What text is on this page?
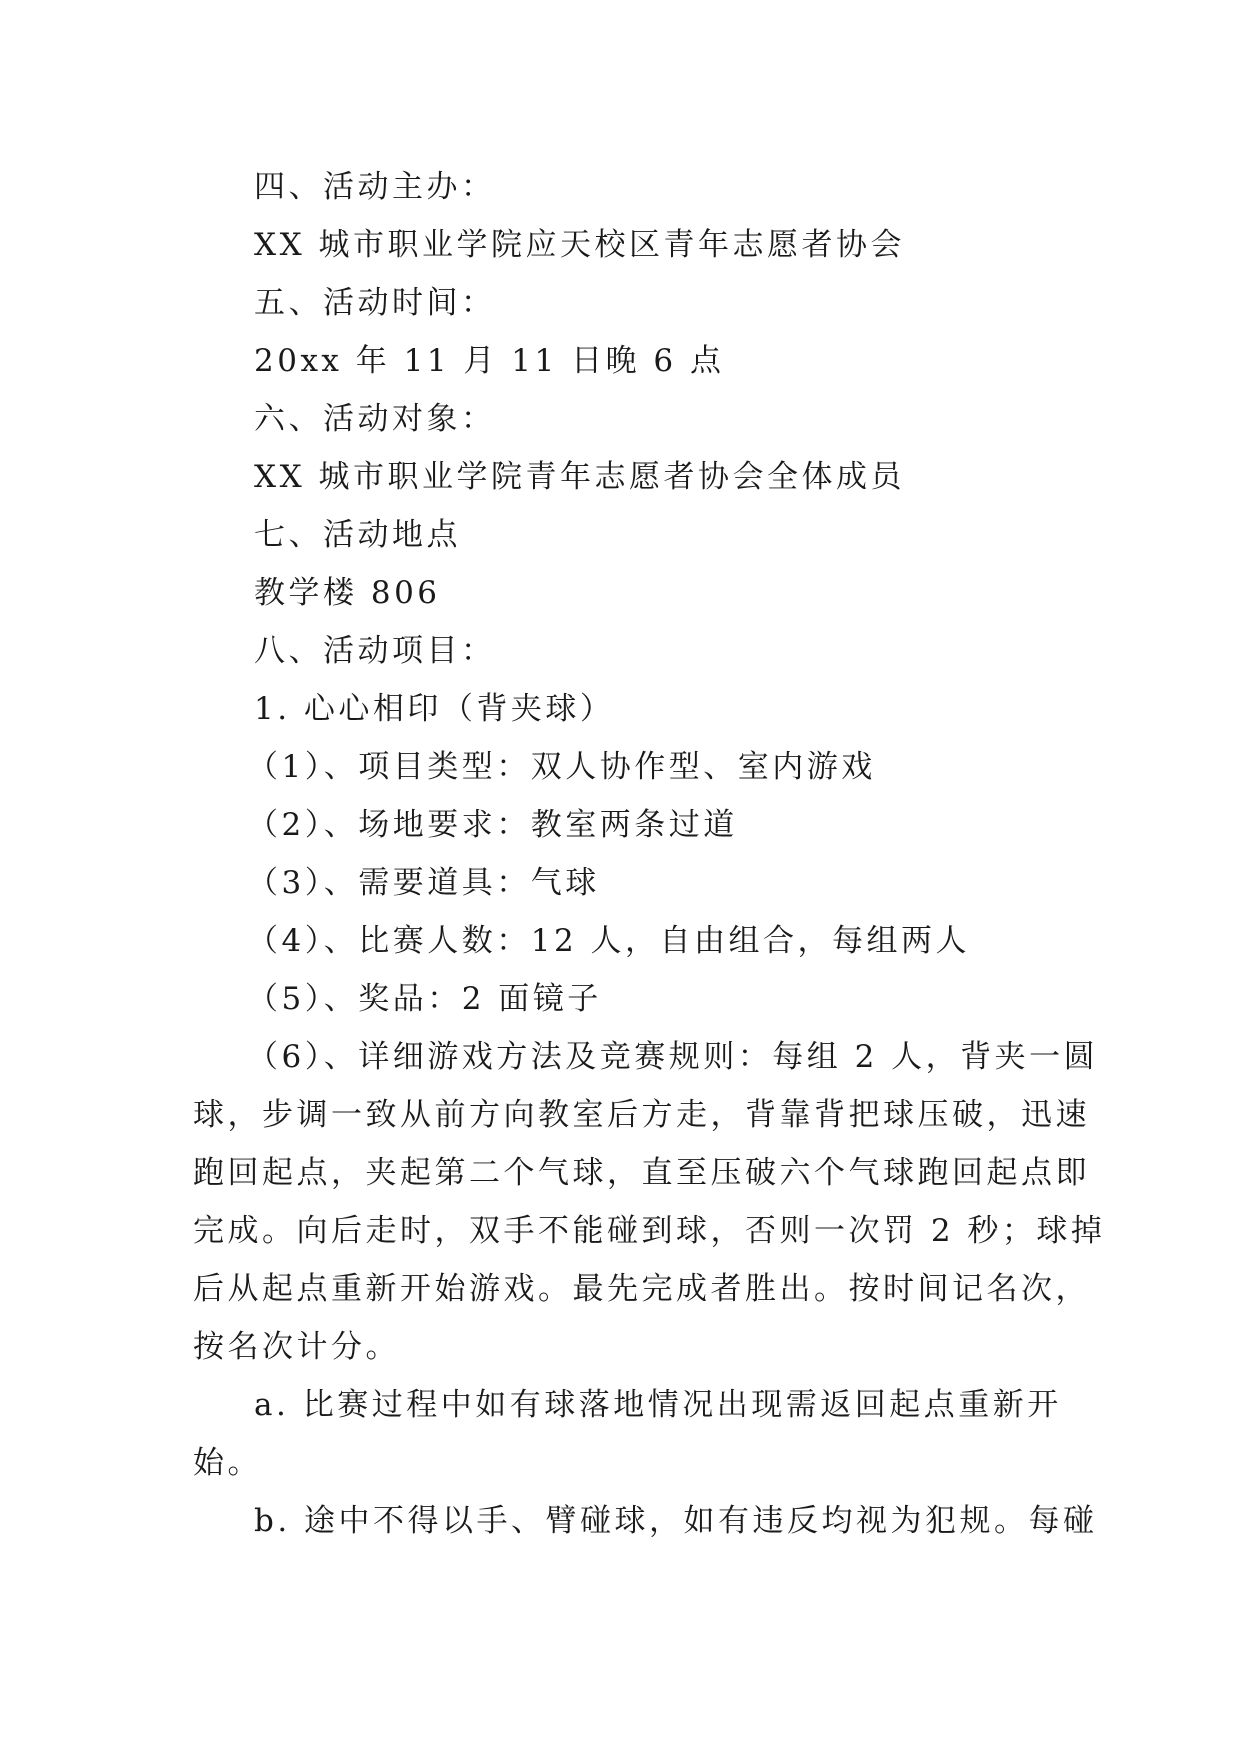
四、活动主办：
XX 城市职业学院应天校区青年志愿者协会
五、活动时间：
20xx 年 11 月 11 日晚 6 点
六、活动对象：
XX 城市职业学院青年志愿者协会全体成员
七、活动地点
教学楼 806
八、活动项目：
1. 心心相印（背夹球）
（1）、项目类型：双人协作型、室内游戏
（2）、场地要求：教室两条过道
（3）、需要道具：气球
（4）、比赛人数：12 人，自由组合，每组两人
（5）、奖品：2 面镜子
（6）、详细游戏方法及竞赛规则：每组 2 人，背夹一圆
球，步调一致从前方向教室后方走，背靠背把球压破，迅速
跑回起点，夹起第二个气球，直至压破六个气球跑回起点即
完成。向后走时，双手不能碰到球，否则一次罚 2 秒；球掉
后从起点重新开始游戏。最先完成者胜出。按时间记名次，
按名次计分。
a. 比赛过程中如有球落地情况出现需返回起点重新开
始。
b. 途中不得以手、臂碰球，如有违反均视为犯规。每碰
